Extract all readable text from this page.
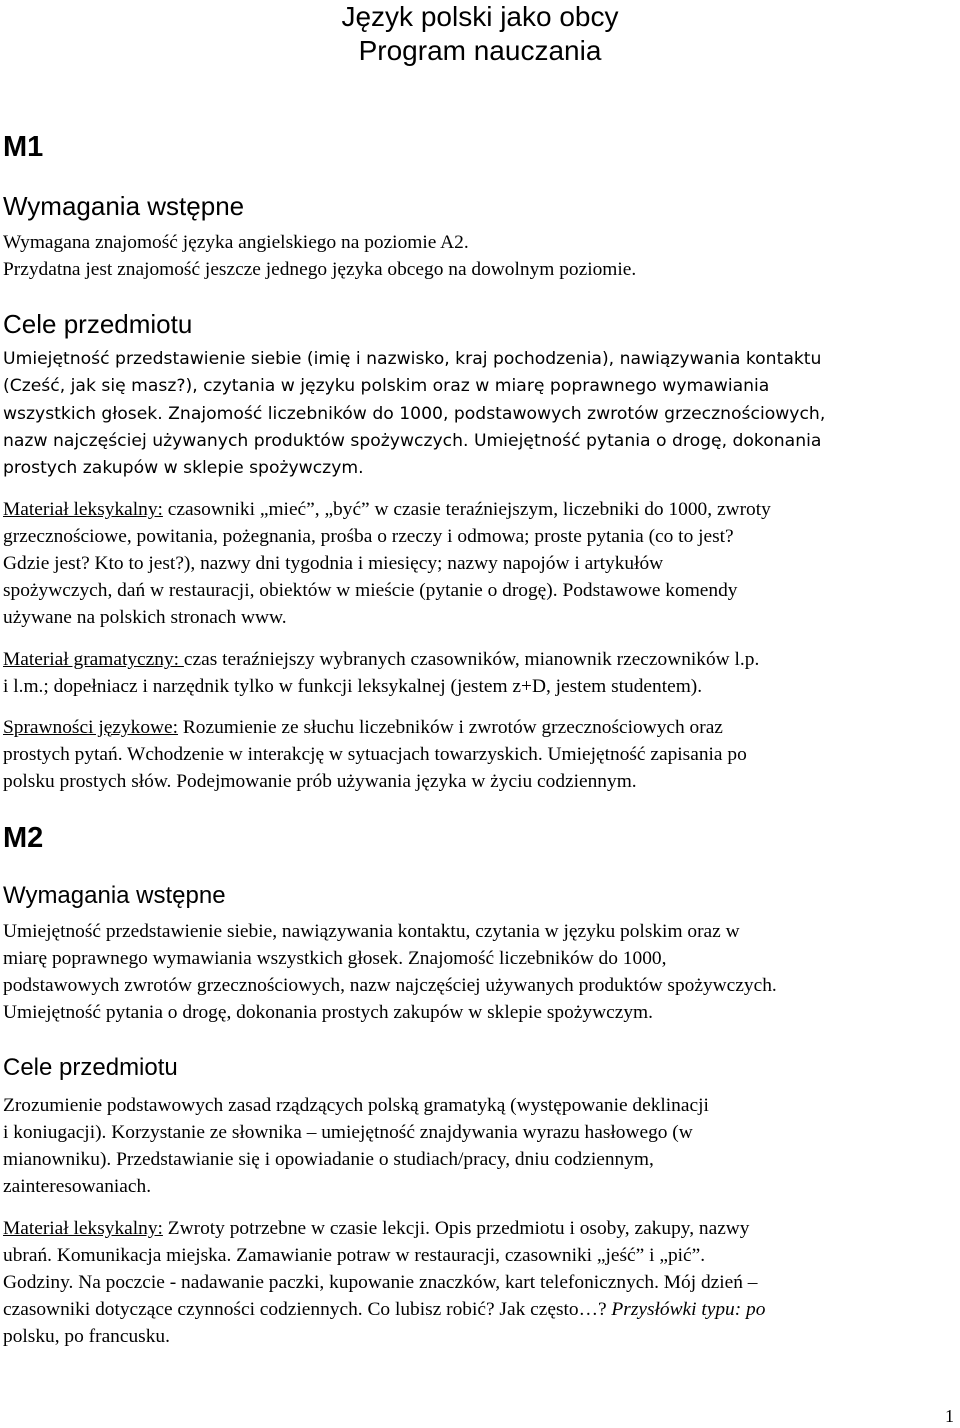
Język polski jako obcy
Program nauczania
M1
Wymagania wstępne
Wymagana znajomość języka angielskiego na poziomie A2.
Przydatna jest znajomość jeszcze jednego języka obcego na dowolnym poziomie.
Cele przedmiotu
Umiejętność przedstawienie siebie (imię i nazwisko, kraj pochodzenia), nawiązywania kontaktu
(Cześć, jak się masz?), czytania w języku polskim oraz w miarę poprawnego wymawiania
wszystkich głosek. Znajomość liczebników do 1000, podstawowych zwrotów grzecznościowych,
nazw najczęściej używanych produktów spożywczych. Umiejętność pytania o drogę, dokonania
prostych zakupów w sklepie spożywczym.
Materiał leksykalny: czasowniki „mieć”, „być” w czasie teraźniejszym, liczebniki do 1000, zwroty
grzecznościowe, powitania, pożegnania, prośba o rzeczy i odmowa; proste pytania (co to jest?
Gdzie jest? Kto to jest?), nazwy dni tygodnia i miesięcy; nazwy napojów i artykułów
spożywczych, dań w restauracji, obiektów w mieście (pytanie o drogę). Podstawowe komendy
używane na polskich stronach www.
Materiał gramatyczny: czas teraźniejszy wybranych czasowników, mianownik rzeczowników l.p.
i l.m.; dopełniacz i narzędnik tylko w funkcji leksykalnej (jestem z+D, jestem studentem).
Sprawności językowe: Rozumienie ze słuchu liczebników i zwrotów grzecznościowych oraz
prostych pytań. Wchodzenie w interakcję w sytuacjach towarzyskich. Umiejętność zapisania po
polsku prostych słów. Podejmowanie prób używania języka w życiu codziennym.
M2
Wymagania wstępne
Umiejętność przedstawienie siebie, nawiązywania kontaktu, czytania w języku polskim oraz w
miarę poprawnego wymawiania wszystkich głosek. Znajomość liczebników do 1000,
podstawowych zwrotów grzecznościowych, nazw najczęściej używanych produktów spożywczych.
Umiejętność pytania o drogę, dokonania prostych zakupów w sklepie spożywczym.
Cele przedmiotu
Zrozumienie podstawowych zasad rządzących polską gramatyką (występowanie deklinacji
i koniugacji). Korzystanie ze słownika – umiejętność znajdywania wyrazu hasłowego (w
mianowniku). Przedstawianie się i opowiadanie o studiach/pracy, dniu codziennym,
zainteresowaniach.
Materiał leksykalny: Zwroty potrzebne w czasie lekcji. Opis przedmiotu i osoby, zakupy, nazwy
ubrań. Komunikacja miejska. Zamawianie potraw w restauracji, czasowniki „jeść” i „pić”.
Godziny. Na poczcie - nadawanie paczki, kupowanie znaczków, kart telefonicznych. Mój dzień –
czasowniki dotyczące czynności codziennych. Co lubisz robić? Jak często…? Przysłówki typu: po
polsku, po francusku.
1
